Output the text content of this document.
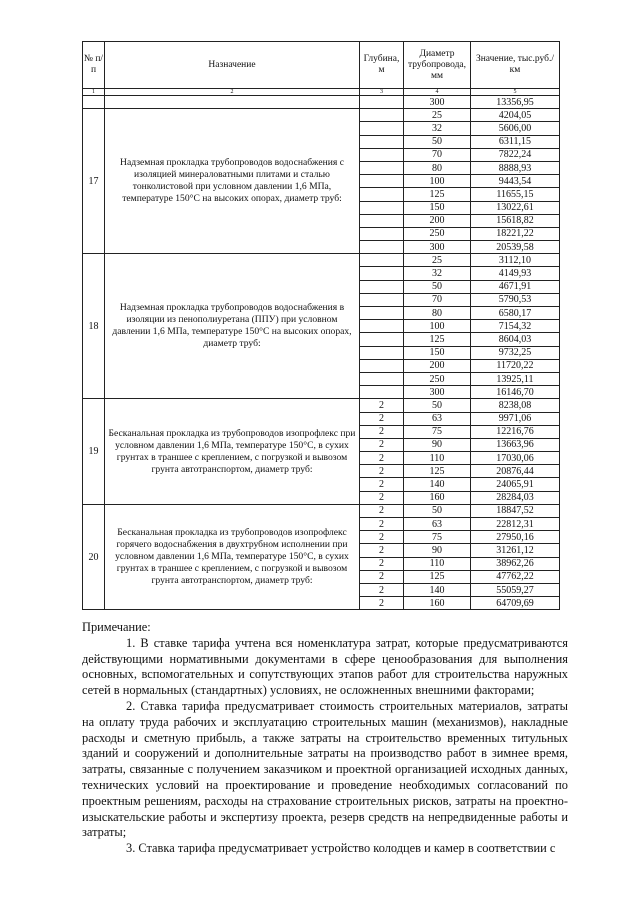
№ п/п	Назначение	Глубина, м	Диаметр трубопровода, мм	Значение, тыс.руб./км
1	2	3	4	5
			300	13356,95
17	Надземная прокладка трубопроводов водоснабжения с изоляцией минераловатными плитами и сталью тонколистовой при условном давлении 1,6 МПа, температуре 150°С на высоких опорах, диаметр труб:		25	4204,05
			32	5606,00
			50	6311,15
			70	7822,24
			80	8888,93
			100	9443,54
			125	11655,15
			150	13022,61
			200	15618,82
			250	18221,22
			300	20539,58
18	Надземная прокладка трубопроводов водоснабжения в изоляции из пенополиуретана (ППУ) при условном давлении 1,6 МПа, температуре 150°С на высоких опорах, диаметр труб:		25	3112,10
			32	4149,93
			50	4671,91
			70	5790,53
			80	6580,17
			100	7154,32
			125	8604,03
			150	9732,25
			200	11720,22
			250	13925,11
			300	16146,70
19	Бесканальная прокладка из трубопроводов изопрофлекс при условном давлении 1,6 МПа, температуре 150°С, в сухих грунтах в траншее с креплением, с погрузкой и вывозом грунта автотранспортом, диаметр труб:	2	50	8238,08
		2	63	9971,06
		2	75	12216,76
		2	90	13663,96
		2	110	17030,06
		2	125	20876,44
		2	140	24065,91
		2	160	28284,03
20	Бесканальная прокладка из трубопроводов изопрофлекс горячего водоснабжения в двухтрубном исполнении при условном давлении 1,6 МПа, температуре 150°С, в сухих грунтах в траншее с креплением, с погрузкой и вывозом грунта автотранспортом, диаметр труб:	2	50	18847,52
		2	63	22812,31
		2	75	27950,16
		2	90	31261,12
		2	110	38962,26
		2	125	47762,22
		2	140	55059,27
		2	160	64709,69

Примечание:

1. В ставке тарифа учтена вся номенклатура затрат, которые предусматриваются действующими нормативными документами в сфере ценообразования для выполнения основных, вспомогательных и сопутствующих этапов работ для строительства наружных сетей в нормальных (стандартных) условиях, не осложненных внешними факторами;

2. Ставка тарифа предусматривает стоимость строительных материалов, затраты на оплату труда рабочих и эксплуатацию строительных машин (механизмов), накладные расходы и сметную прибыль, а также затраты на строительство временных титульных зданий и сооружений и дополнительные затраты на производство работ в зимнее время, затраты, связанные с получением заказчиком и проектной организацией исходных данных, технических условий на проектирование и проведение необходимых согласований по проектным решениям, расходы на страхование строительных рисков, затраты на проектно-изыскательские работы и экспертизу проекта, резерв средств на непредвиденные работы и затраты;

3. Ставка тарифа предусматривает устройство колодцев и камер в соответствии с
